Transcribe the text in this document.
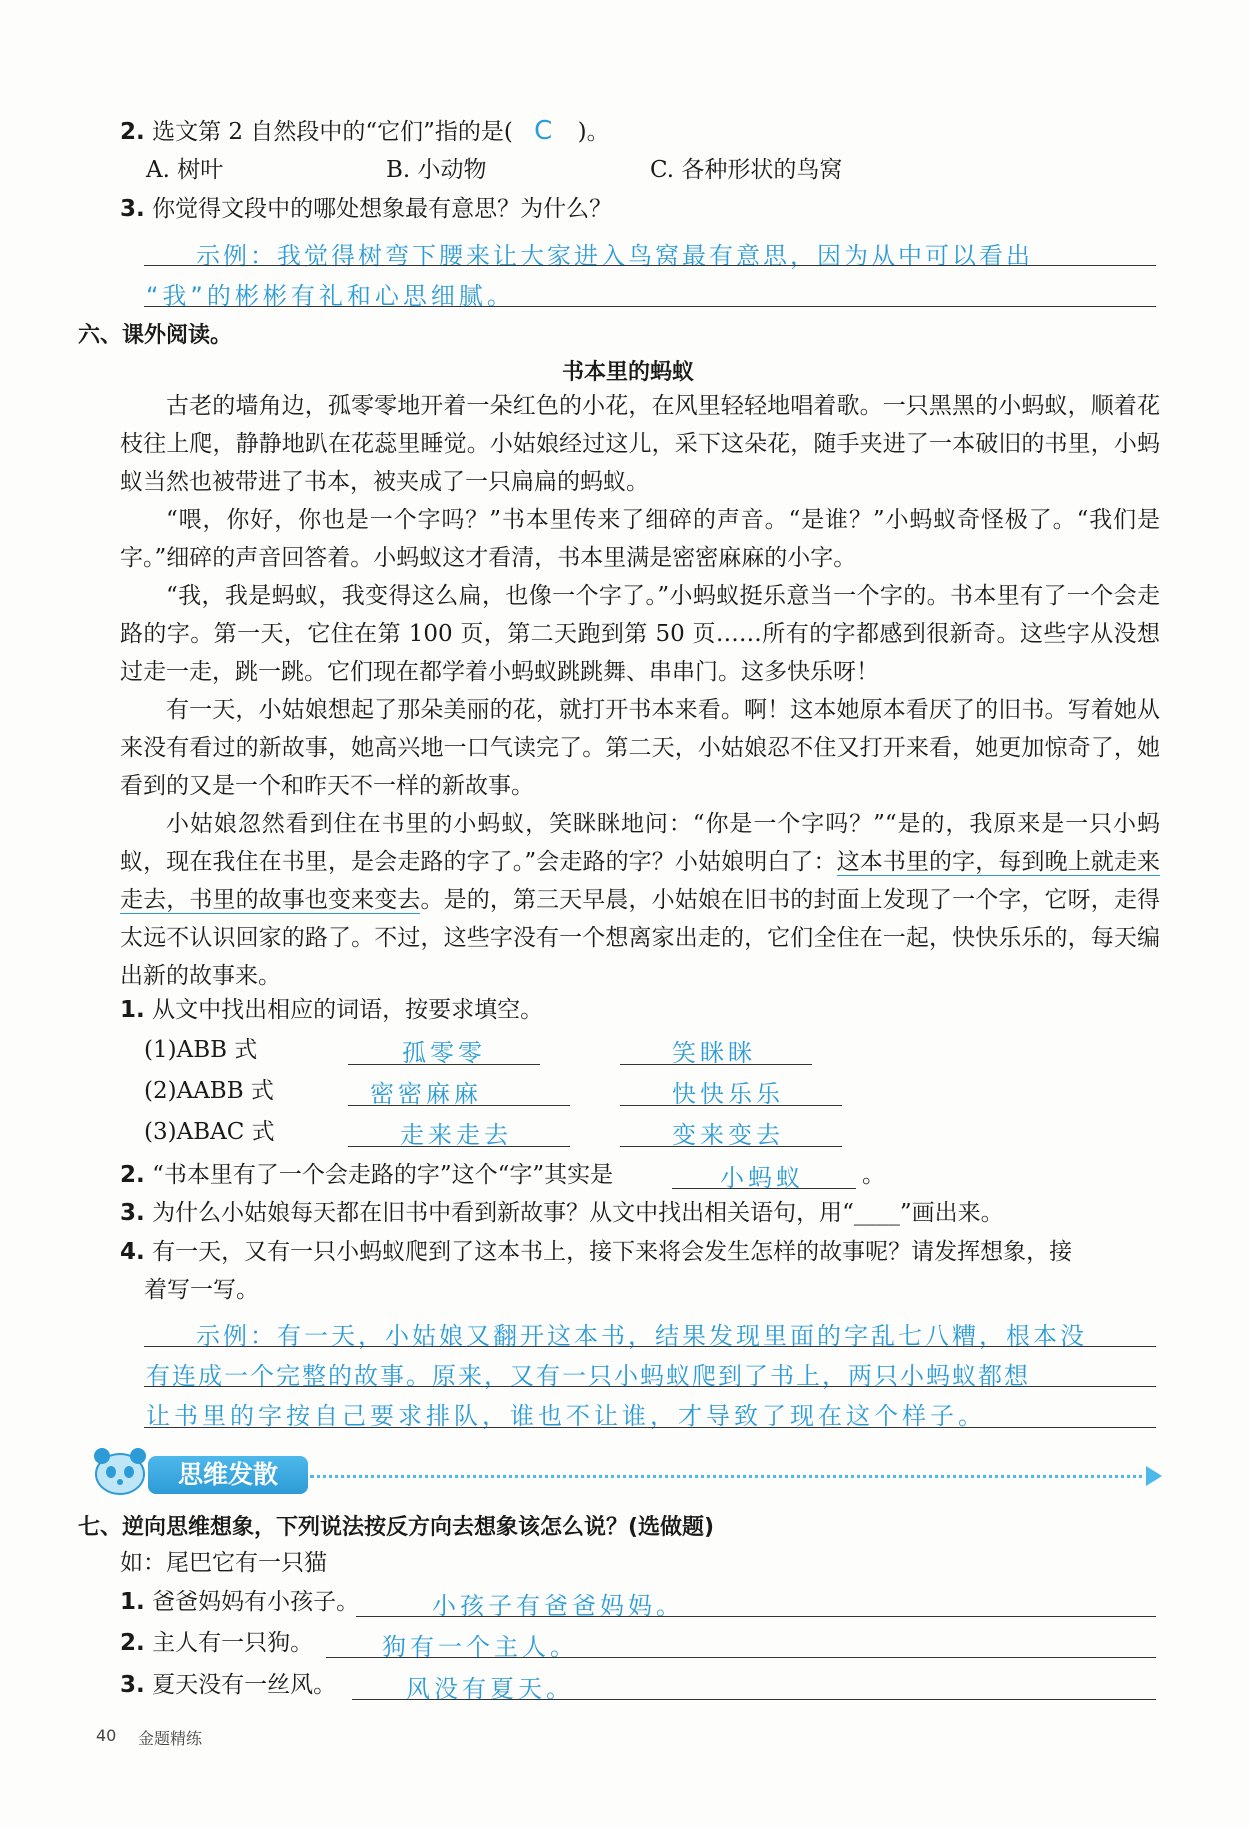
2. 选文第 2 自然段中的“它们”指的是( C )。
A. 树叶	B. 小动物	C. 各种形状的鸟窝
3. 你觉得文段中的哪处想象最有意思？为什么？
示例：我觉得树弯下腰来让大家进入鸟窝最有意思，因为从中可以看出
“我”的彬彬有礼和心思细腻。
六、课外阅读。
书本里的蚂蚁

古老的墙角边，孤零零地开着一朵红色的小花，在风里轻轻地唱着歌。一只黑黑的小蚂蚁，顺着花枝往上爬，静静地趴在花蕊里睡觉。小姑娘经过这儿，采下这朵花，随手夹进了一本破旧的书里，小蚂蚁当然也被带进了书本，被夹成了一只扁扁的蚂蚁。

“喂，你好，你也是一个字吗？”书本里传来了细碎的声音。“是谁？”小蚂蚁奇怪极了。“我们是字。”细碎的声音回答着。小蚂蚁这才看清，书本里满是密密麻麻的小字。

“我，我是蚂蚁，我变得这么扁，也像一个字了。”小蚂蚁挺乐意当一个字的。书本里有了一个会走路的字。第一天，它住在第 100 页，第二天跑到第 50 页……所有的字都感到很新奇。这些字从没想过走一走，跳一跳。它们现在都学着小蚂蚁跳跳舞、串串门。这多快乐呀！

有一天，小姑娘想起了那朵美丽的花，就打开书本来看。啊！这本她原本看厌了的旧书。写着她从来没有看过的新故事，她高兴地一口气读完了。第二天，小姑娘忍不住又打开来看，她更加惊奇了，她看到的又是一个和昨天不一样的新故事。

小姑娘忽然看到住在书里的小蚂蚁，笑眯眯地问：“你是一个字吗？”“是的，我原来是一只小蚂蚁，现在我住在书里，是会走路的字了。”会走路的字？小姑娘明白了：这本书里的字，每到晚上就走来走去，书里的故事也变来变去。是的，第三天早晨，小姑娘在旧书的封面上发现了一个字，它呀，走得太远不认识回家的路了。不过，这些字没有一个想离家出走的，它们全住在一起，快快乐乐的，每天编出新的故事来。

1. 从文中找出相应的词语，按要求填空。
(1)ABB 式	孤零零	笑眯眯
(2)AABB 式	密密麻麻	快快乐乐
(3)ABAC 式	走来走去	变来变去
2. “书本里有了一个会走路的字”这个“字”其实是	小蚂蚁	。
3. 为什么小姑娘每天都在旧书中看到新故事？从文中找出相关语句，用“____”画出来。
4. 有一天，又有一只小蚂蚁爬到了这本书上，接下来将会发生怎样的故事呢？请发挥想象，接
着写一写。
示例：有一天，小姑娘又翻开这本书，结果发现里面的字乱七八糟，根本没
有连成一个完整的故事。原来，又有一只小蚂蚁爬到了书上，两只小蚂蚁都想
让书里的字按自己要求排队，谁也不让谁，才导致了现在这个样子。
思维发散
七、逆向思维想象，下列说法按反方向去想象该怎么说？(选做题)
如：尾巴它有一只猫
1. 爸爸妈妈有小孩子。	小孩子有爸爸妈妈。
2. 主人有一只狗。	狗有一个主人。
3. 夏天没有一丝风。	风没有夏天。
40 金题精练
